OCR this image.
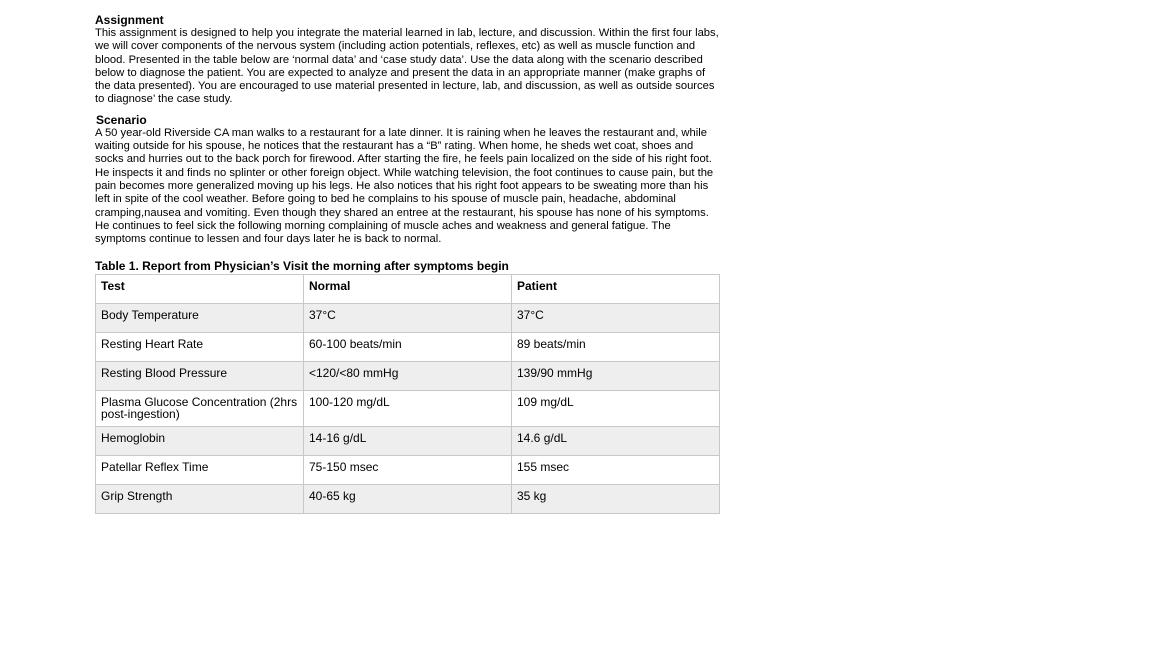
Assignment

This assignment is designed to help you integrate the material learned in lab, lecture, and discussion. Within the first four labs, we will cover components of the nervous system (including action potentials, reflexes, etc) as well as muscle function and blood. Presented in the table below are ‘normal data’ and ‘case study data’. Use the data along with the scenario described below to diagnose the patient. You are expected to analyze and present the data in an appropriate manner (make graphs of the data presented). You are encouraged to use material presented in lecture, lab, and discussion, as well as outside sources to diagnose’ the case study.

Scenario

A 50 year-old Riverside CA man walks to a restaurant for a late dinner. It is raining when he leaves the restaurant and, while waiting outside for his spouse, he notices that the restaurant has a “B” rating. When home, he sheds wet coat, shoes and socks and hurries out to the back porch for firewood. After starting the fire, he feels pain localized on the side of his right foot. He inspects it and finds no splinter or other foreign object. While watching television, the foot continues to cause pain, but the pain becomes more generalized moving up his legs. He also notices that his right foot appears to be sweating more than his left in spite of the cool weather. Before going to bed he complains to his spouse of muscle pain, headache, abdominal cramping,nausea and vomiting. Even though they shared an entree at the restaurant, his spouse has none of his symptoms. He continues to feel sick the following morning complaining of muscle aches and weakness and general fatigue. The symptoms continue to lessen and four days later he is back to normal.

Table 1. Report from Physician’s Visit the morning after symptoms begin

Test	Normal	Patient
Body Temperature	37°C	37°C
Resting Heart Rate	60-100 beats/min	89 beats/min
Resting Blood Pressure	<120/<80 mmHg	139/90 mmHg
Plasma Glucose Concentration (2hrs post-ingestion)	100-120 mg/dL	109 mg/dL
Hemoglobin	14-16 g/dL	14.6 g/dL
Patellar Reflex Time	75-150 msec	155 msec
Grip Strength	40-65 kg	35 kg
